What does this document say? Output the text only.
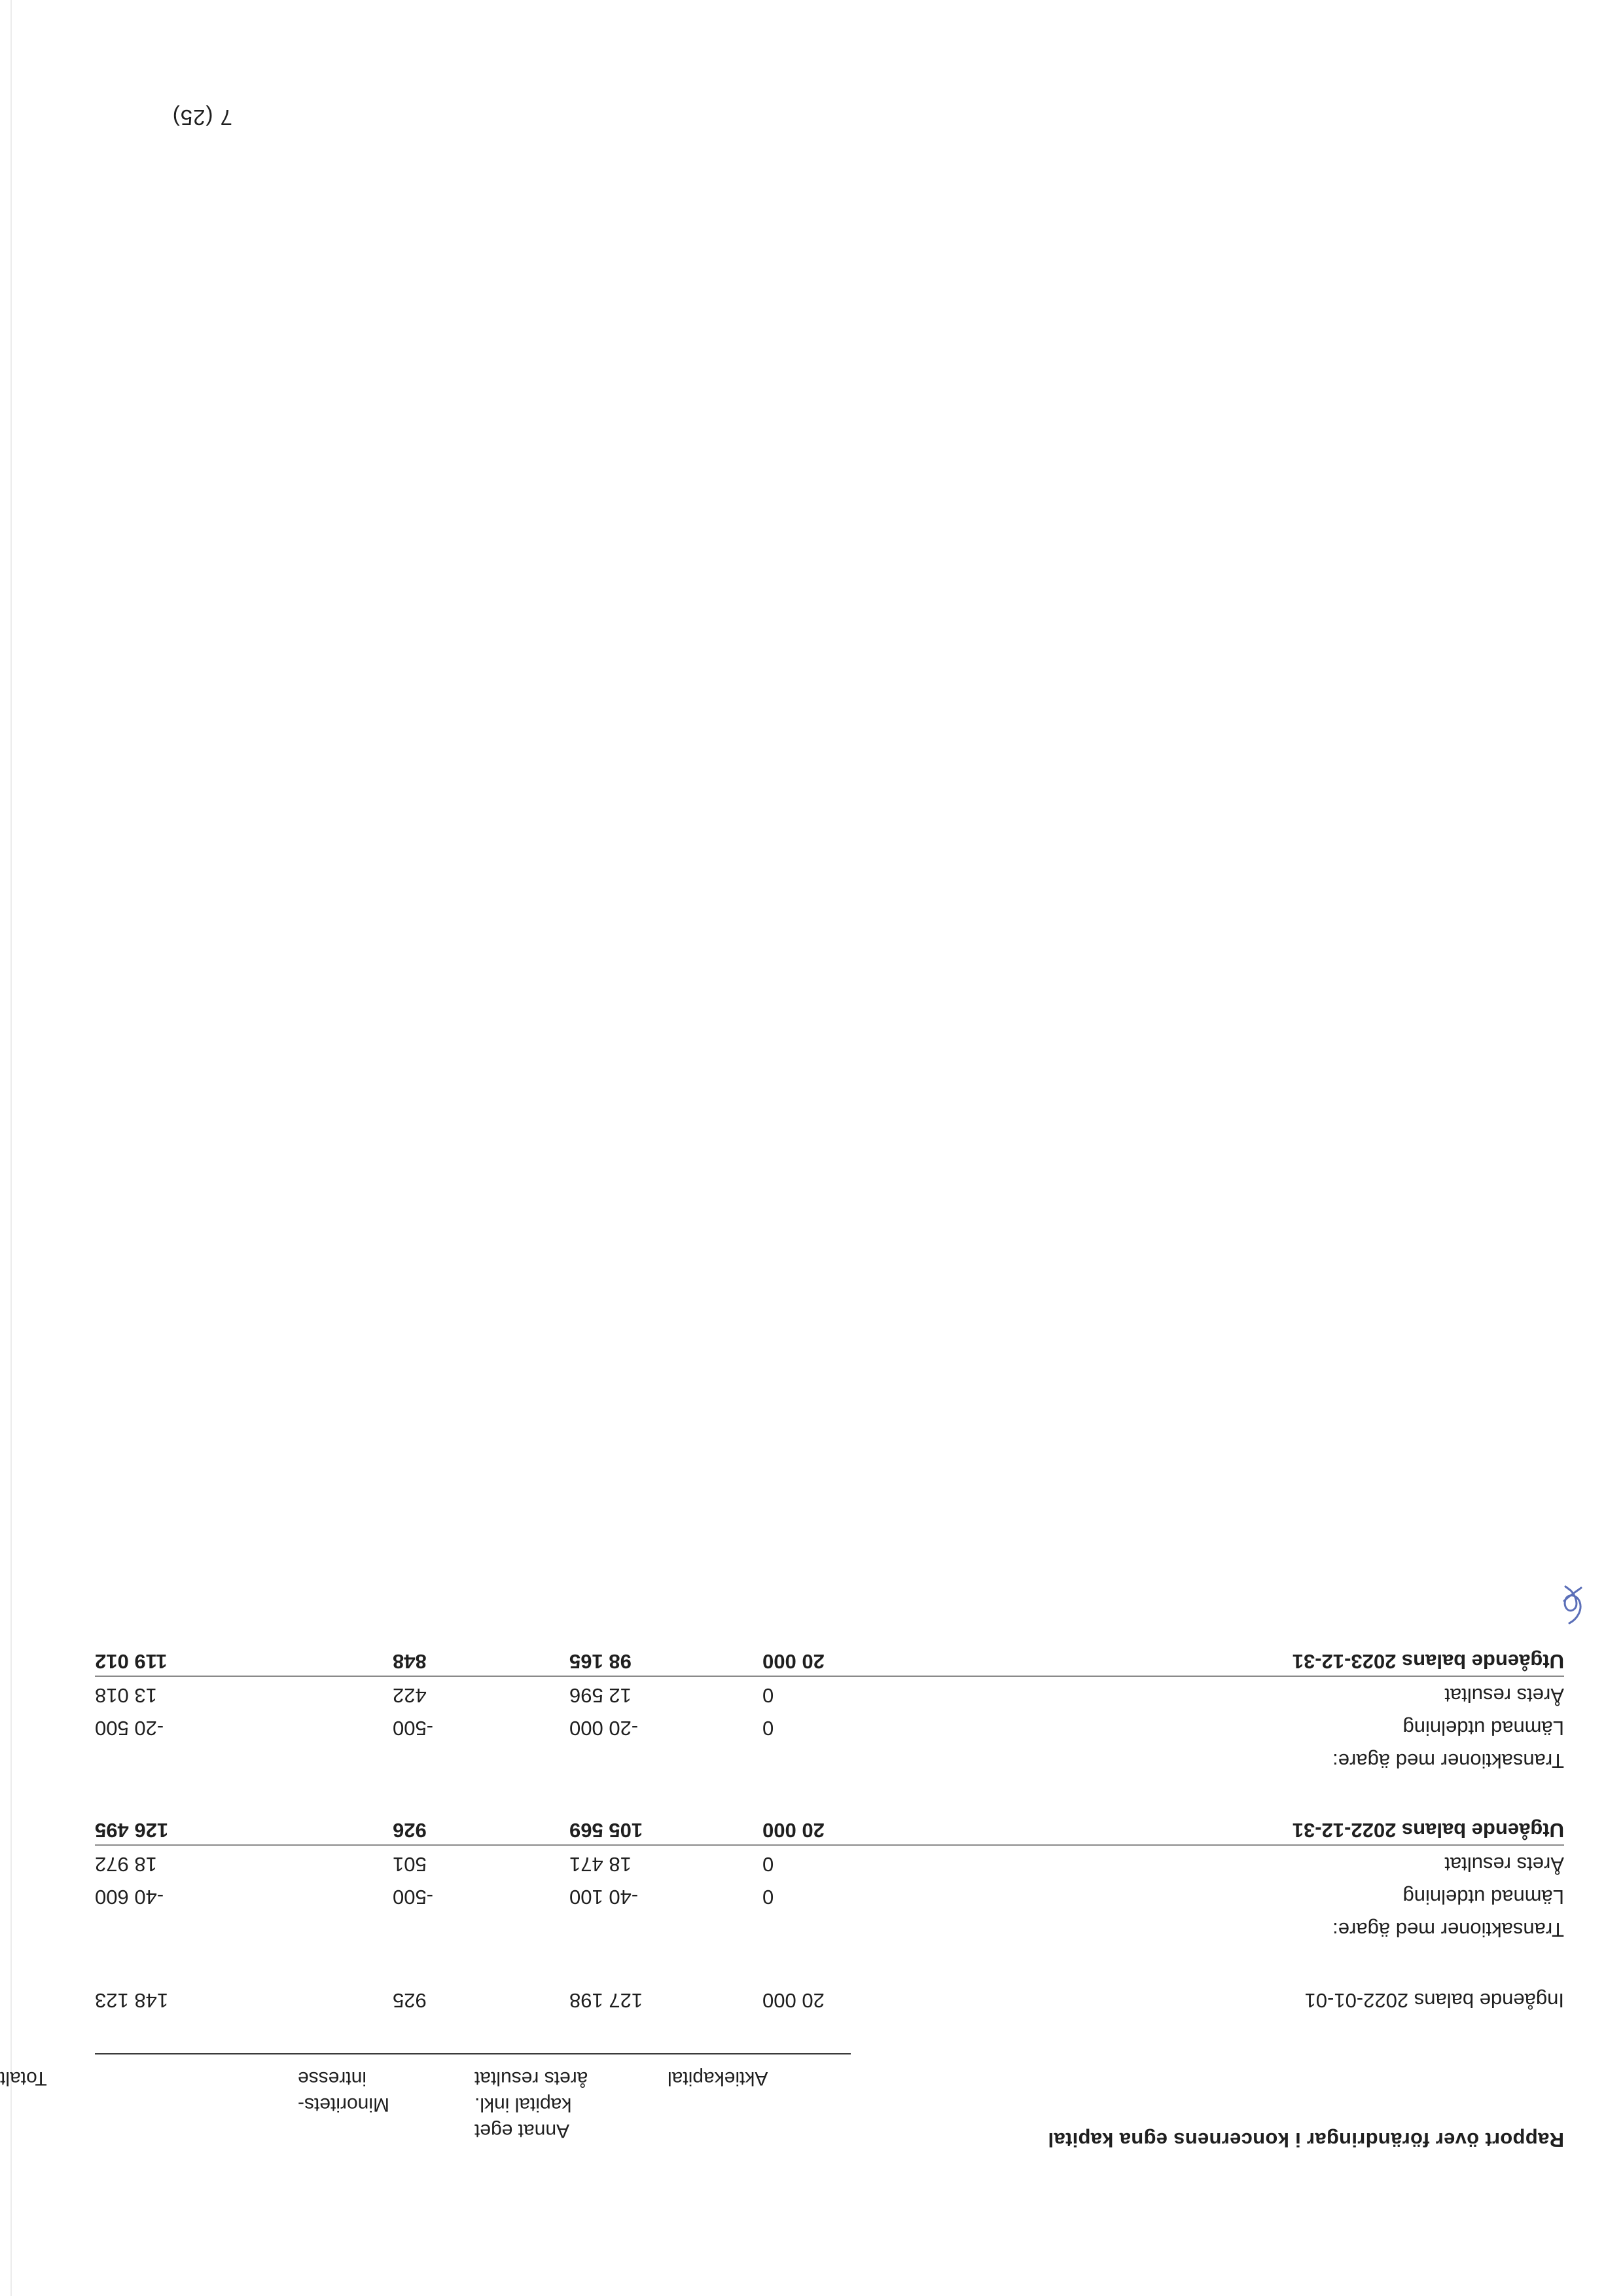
Rapport över förändringar i koncernens egna kapital
Aktiekapital
Annat eget
kapital inkl.
årets resultat
Minoritets-
intresse
Totalt
Ingående balans 2022-01-01
20 000
127 198
925
148 123
Transaktioner med ägare:
Lämnad utdelning
0
-40 100
-500
-40 600
Årets resultat
0
18 471
501
18 972
Utgående balans 2022-12-31
20 000
105 569
926
126 495
Transaktioner med ägare:
Lämnad utdelning
0
-20 000
-500
-20 500
Årets resultat
0
12 596
422
13 018
Utgående balans 2023-12-31
20 000
98 165
848
119 012
7 (25)
